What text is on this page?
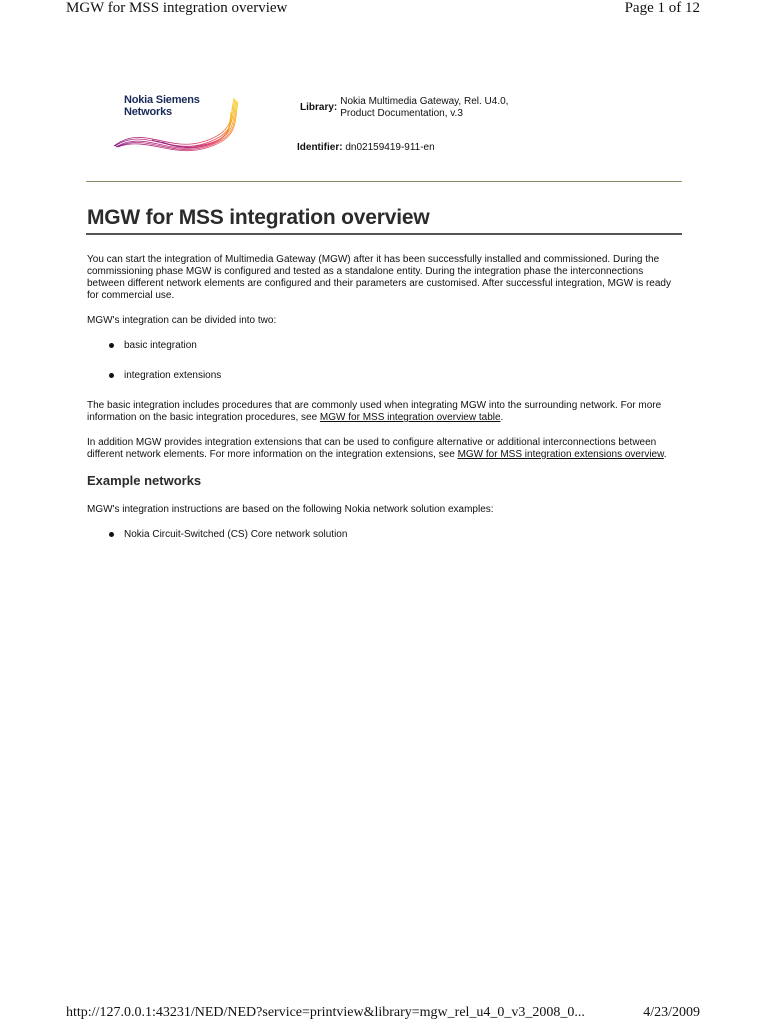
MGW for MSS integration overview	Page 1 of 12
Nokia Siemens
Networks	Library:
Nokia Multimedia Gateway, Rel. U4.0, Product Documentation, v.3
Identifier: dn02159419-911-en
MGW for MSS integration overview

You can start the integration of Multimedia Gateway (MGW) after it has been successfully installed and commissioned. During the commissioning phase MGW is configured and tested as a standalone entity. During the integration phase the interconnections between different network elements are configured and their parameters are customised. After successful integration, MGW is ready for commercial use.

MGW's integration can be divided into two:

basic integration
integration extensions

The basic integration includes procedures that are commonly used when integrating MGW into the surrounding network. For more information on the basic integration procedures, see MGW for MSS integration overview table.

In addition MGW provides integration extensions that can be used to configure alternative or additional interconnections between different network elements. For more information on the integration extensions, see MGW for MSS integration extensions overview.

Example networks

MGW's integration instructions are based on the following Nokia network solution examples:

Nokia Circuit-Switched (CS) Core network solution
http://127.0.0.1:43231/NED/NED?service=printview&library=mgw_rel_u4_0_v3_2008_0...	4/23/2009
